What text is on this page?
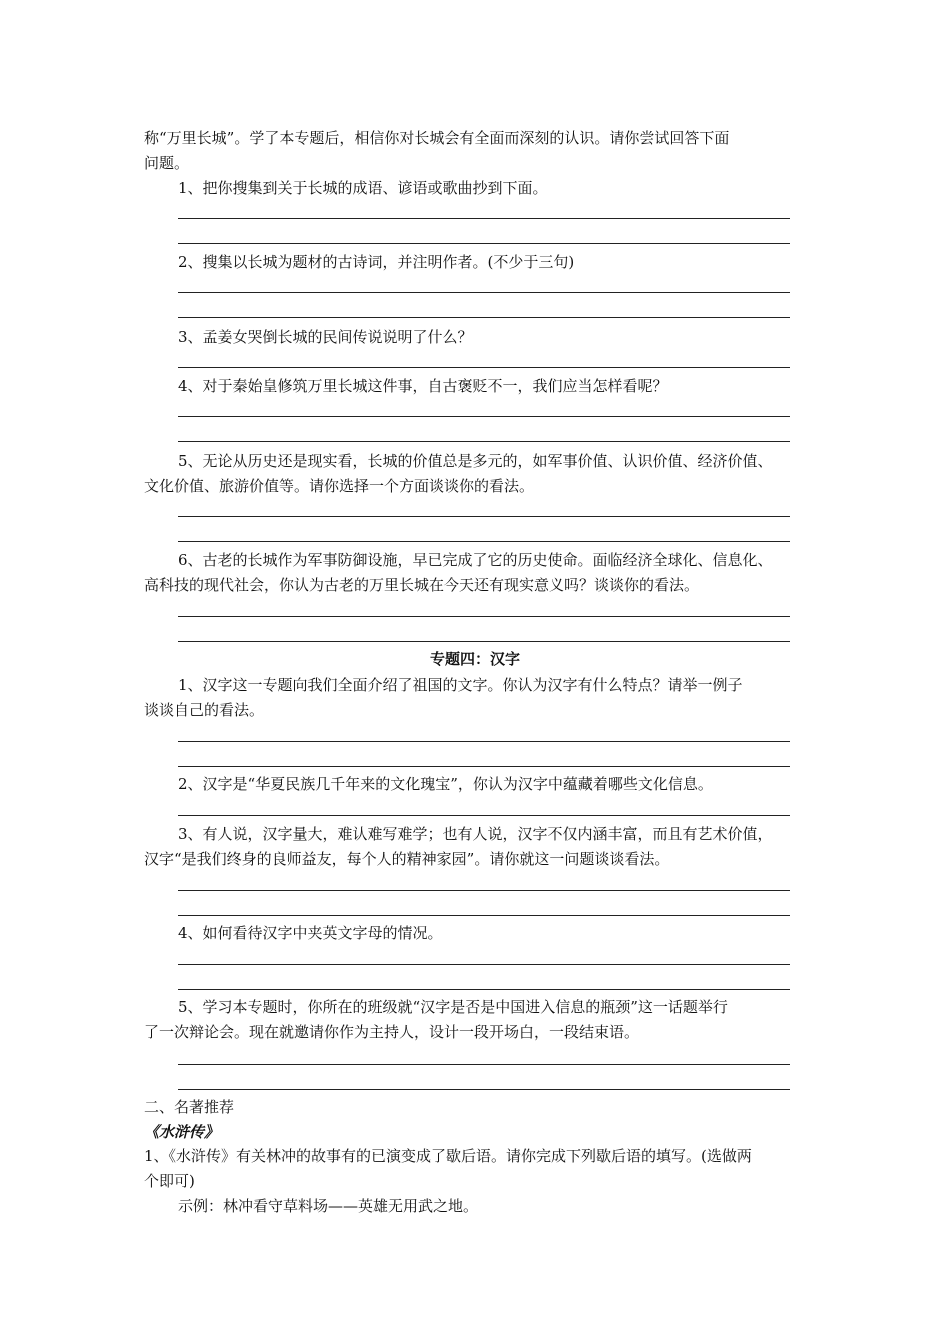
称“万里长城”。学了本专题后，相信你对长城会有全面而深刻的认识。请你尝试回答下面
问题。
1、把你搜集到关于长城的成语、谚语或歌曲抄到下面。
2、搜集以长城为题材的古诗词，并注明作者。(不少于三句)
3、孟姜女哭倒长城的民间传说说明了什么？
4、对于秦始皇修筑万里长城这件事，自古褒贬不一，我们应当怎样看呢？
5、无论从历史还是现实看，长城的价值总是多元的，如军事价值、认识价值、经济价值、
文化价值、旅游价值等。请你选择一个方面谈谈你的看法。
6、古老的长城作为军事防御设施，早已完成了它的历史使命。面临经济全球化、信息化、
高科技的现代社会，你认为古老的万里长城在今天还有现实意义吗？谈谈你的看法。
专题四：汉字
1、汉字这一专题向我们全面介绍了祖国的文字。你认为汉字有什么特点？请举一例子
谈谈自己的看法。
2、汉字是“华夏民族几千年来的文化瑰宝”，你认为汉字中蕴藏着哪些文化信息。
3、有人说，汉字量大，难认难写难学；也有人说，汉字不仅内涵丰富，而且有艺术价值，
汉字“是我们终身的良师益友，每个人的精神家园”。请你就这一问题谈谈看法。
4、如何看待汉字中夹英文字母的情况。
5、学习本专题时，你所在的班级就“汉字是否是中国进入信息的瓶颈”这一话题举行
了一次辩论会。现在就邀请你作为主持人，设计一段开场白，一段结束语。
二、名著推荐
《水浒传》
1、《水浒传》有关林冲的故事有的已演变成了歇后语。请你完成下列歇后语的填写。(选做两
个即可)
示例：林冲看守草料场——英雄无用武之地。
